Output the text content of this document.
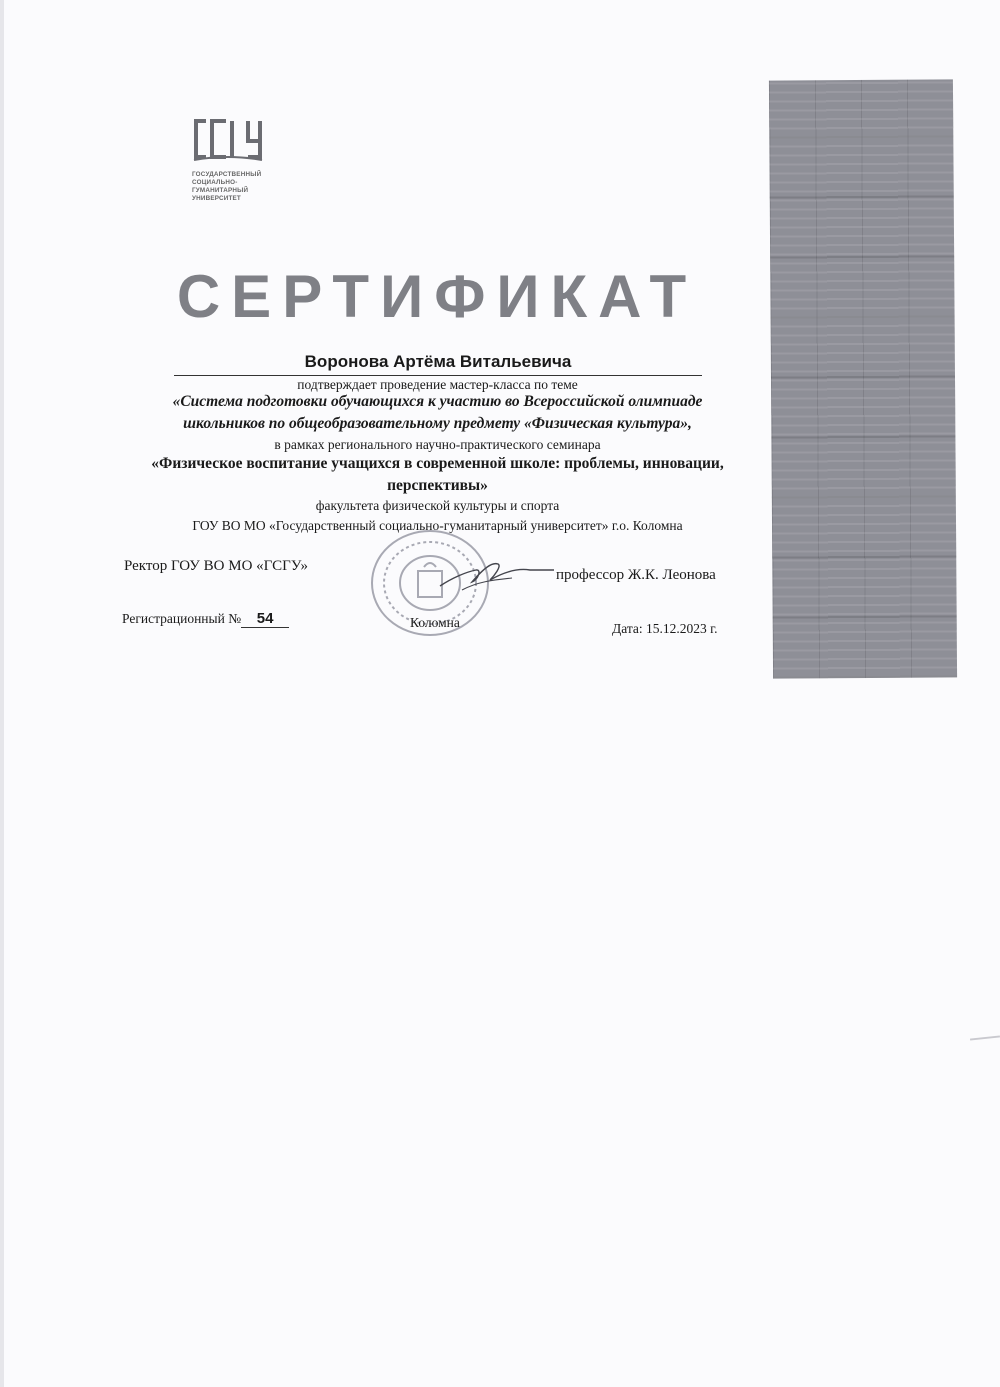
ГОСУДАРСТВЕННЫЙ
СОЦИАЛЬНО-
ГУМАНИТАРНЫЙ
УНИВЕРСИТЕТ
СЕРТИФИКАТ
Воронова Артёма Витальевича
подтверждает проведение мастер-класса по теме
«Система подготовки обучающихся к участию во Всероссийской олимпиаде
школьников по общеобразовательному предмету «Физическая культура»,
в рамках регионального научно-практического семинара
«Физическое воспитание учащихся в современной школе: проблемы, инновации,
перспективы»
факультета физической культуры и спорта
ГОУ ВО МО «Государственный социально-гуманитарный университет» г.о. Коломна
Ректор ГОУ ВО МО «ГСГУ»
профессор Ж.К. Леонова
Регистрационный № 54	Коломна	Дата: 15.12.2023 г.
